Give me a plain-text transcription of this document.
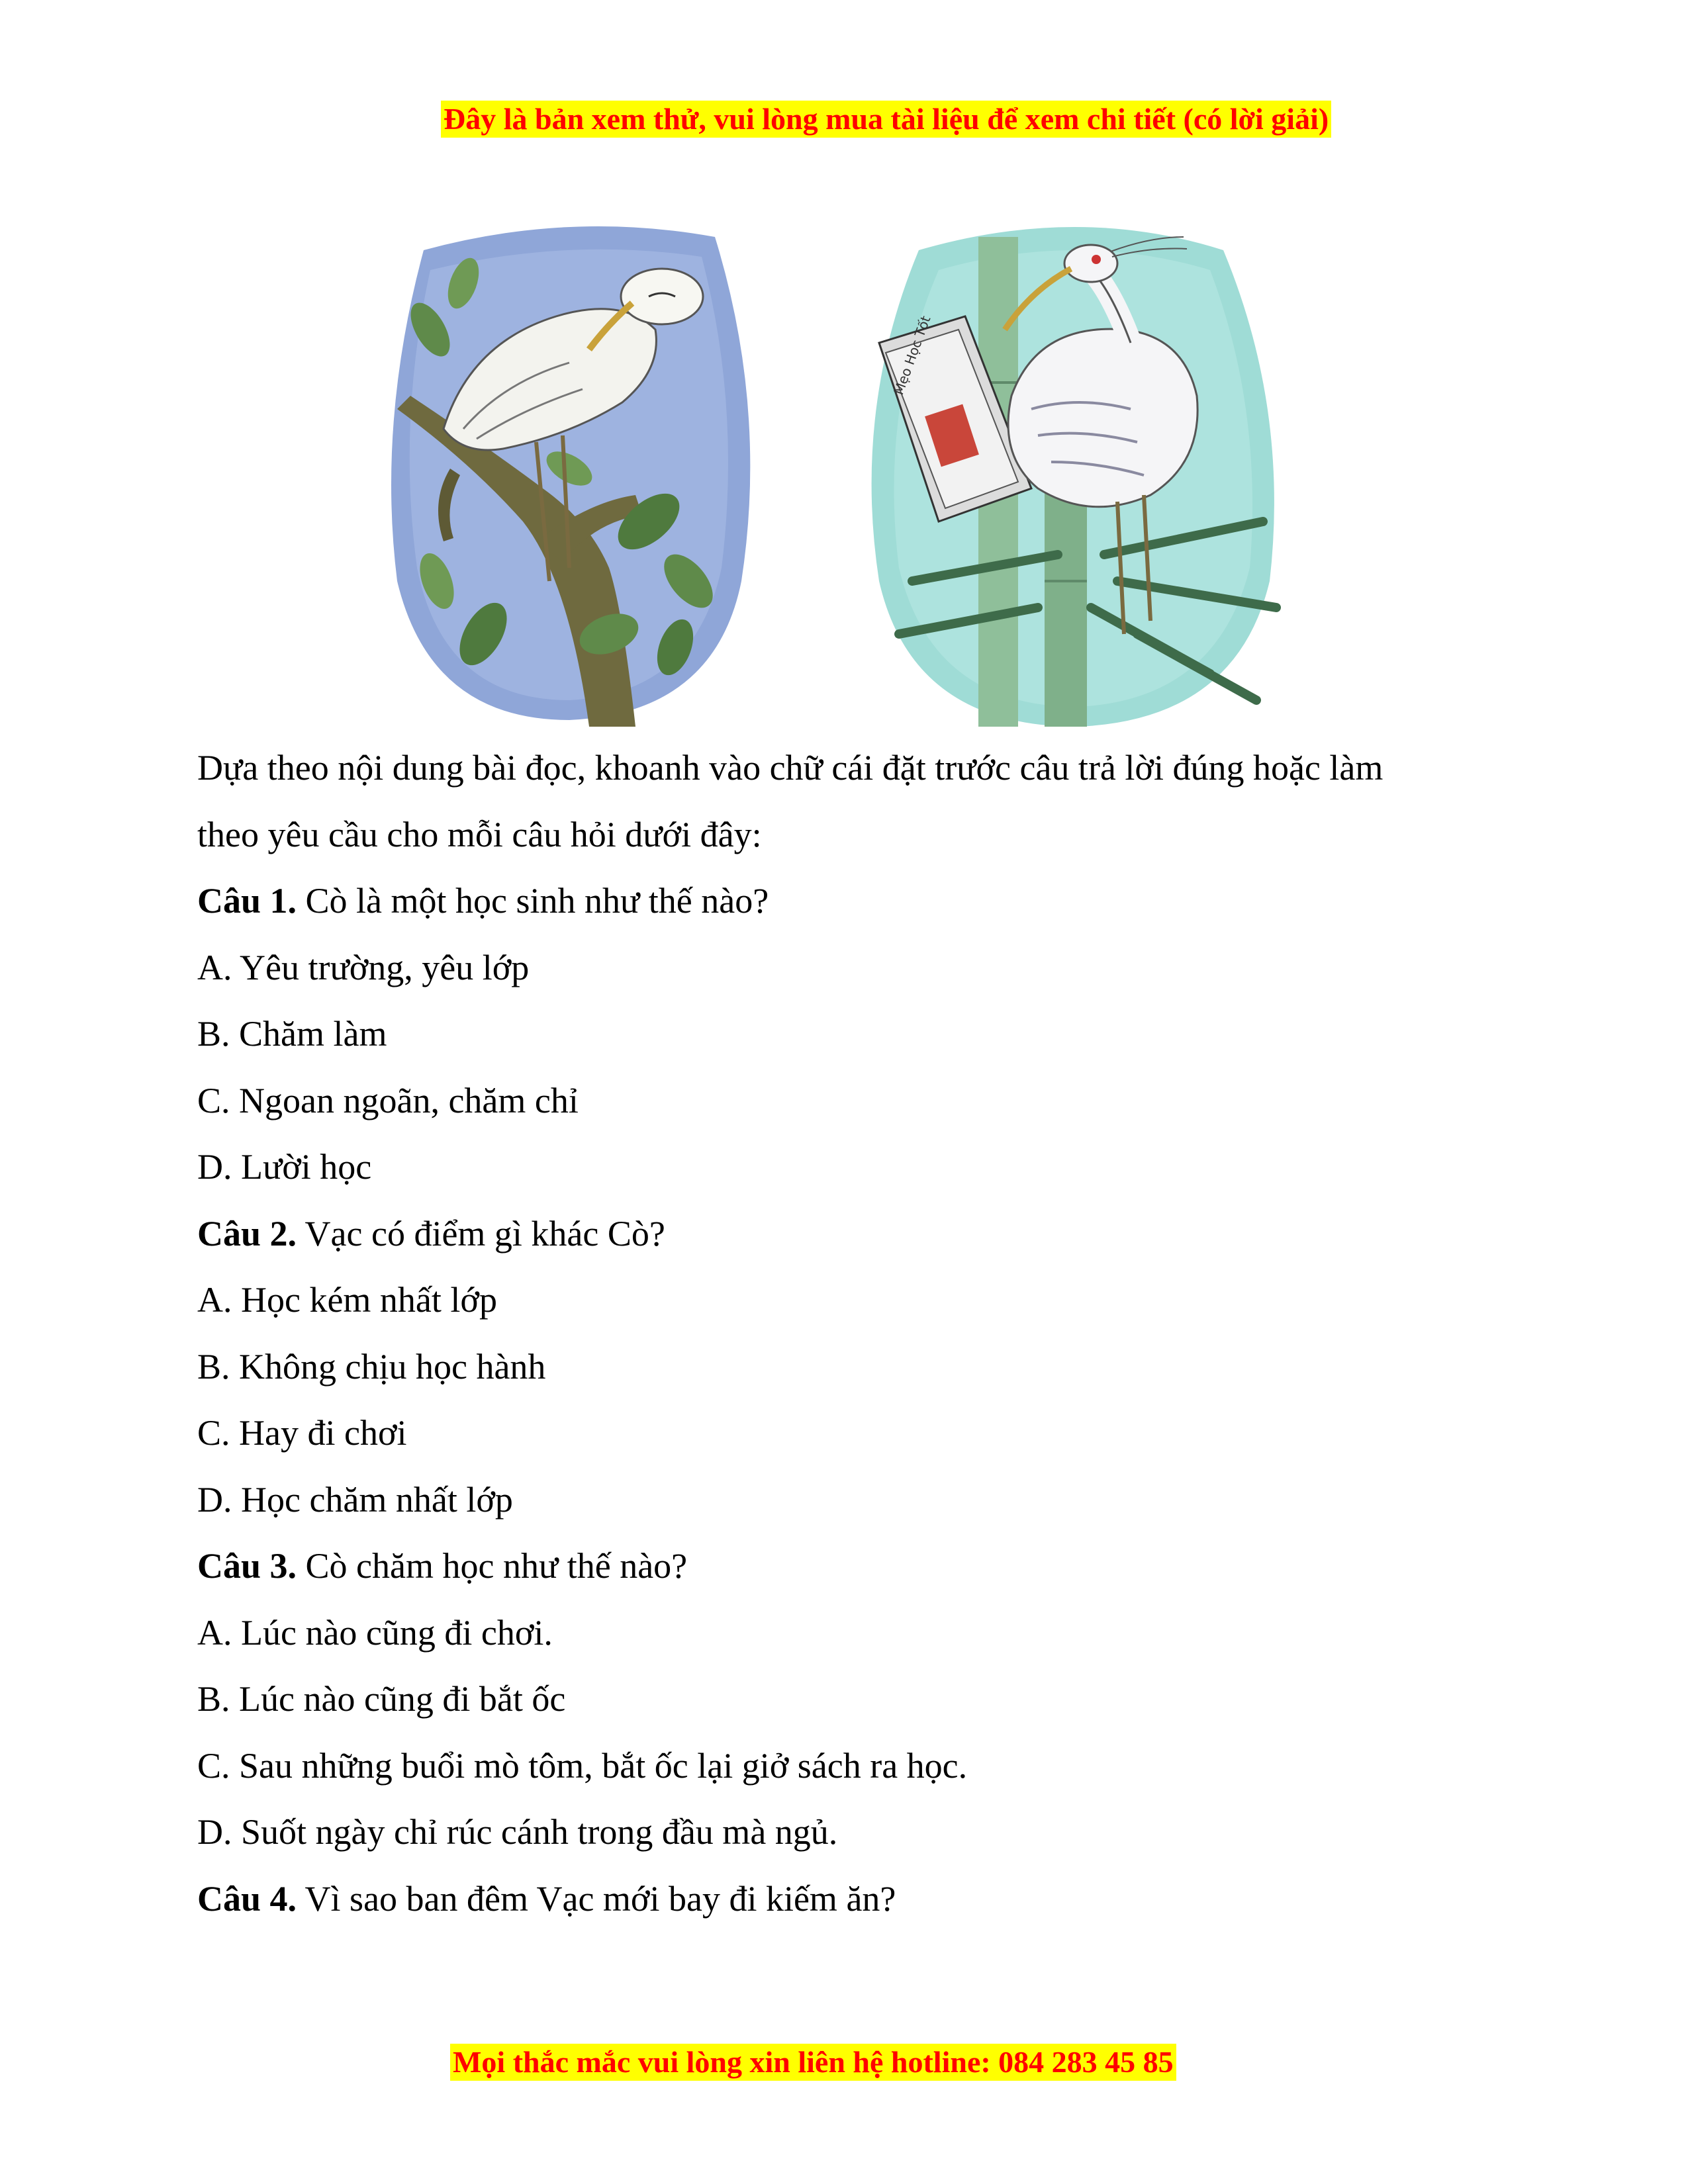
Đây là bản xem thử, vui lòng mua tài liệu để xem chi tiết (có lời giải)
Mẹo Học Tốt

Dựa theo nội dung bài đọc, khoanh vào chữ cái đặt trước câu trả lời đúng hoặc làm

theo yêu cầu cho mỗi câu hỏi dưới đây:

Câu 1. Cò là một học sinh như thế nào?

A. Yêu trường, yêu lớp

B. Chăm làm

C. Ngoan ngoãn, chăm chỉ

D. Lười học

Câu 2. Vạc có điểm gì khác Cò?

A. Học kém nhất lớp

B. Không chịu học hành

C. Hay đi chơi

D. Học chăm nhất lớp

Câu 3. Cò chăm học như thế nào?

A. Lúc nào cũng đi chơi.

B. Lúc nào cũng đi bắt ốc

C. Sau những buổi mò tôm, bắt ốc lại giở sách ra học.

D. Suốt ngày chỉ rúc cánh trong đầu mà ngủ.

Câu 4. Vì sao ban đêm Vạc mới bay đi kiếm ăn?

Mọi thắc mắc vui lòng xin liên hệ hotline: 084 283 45 85
